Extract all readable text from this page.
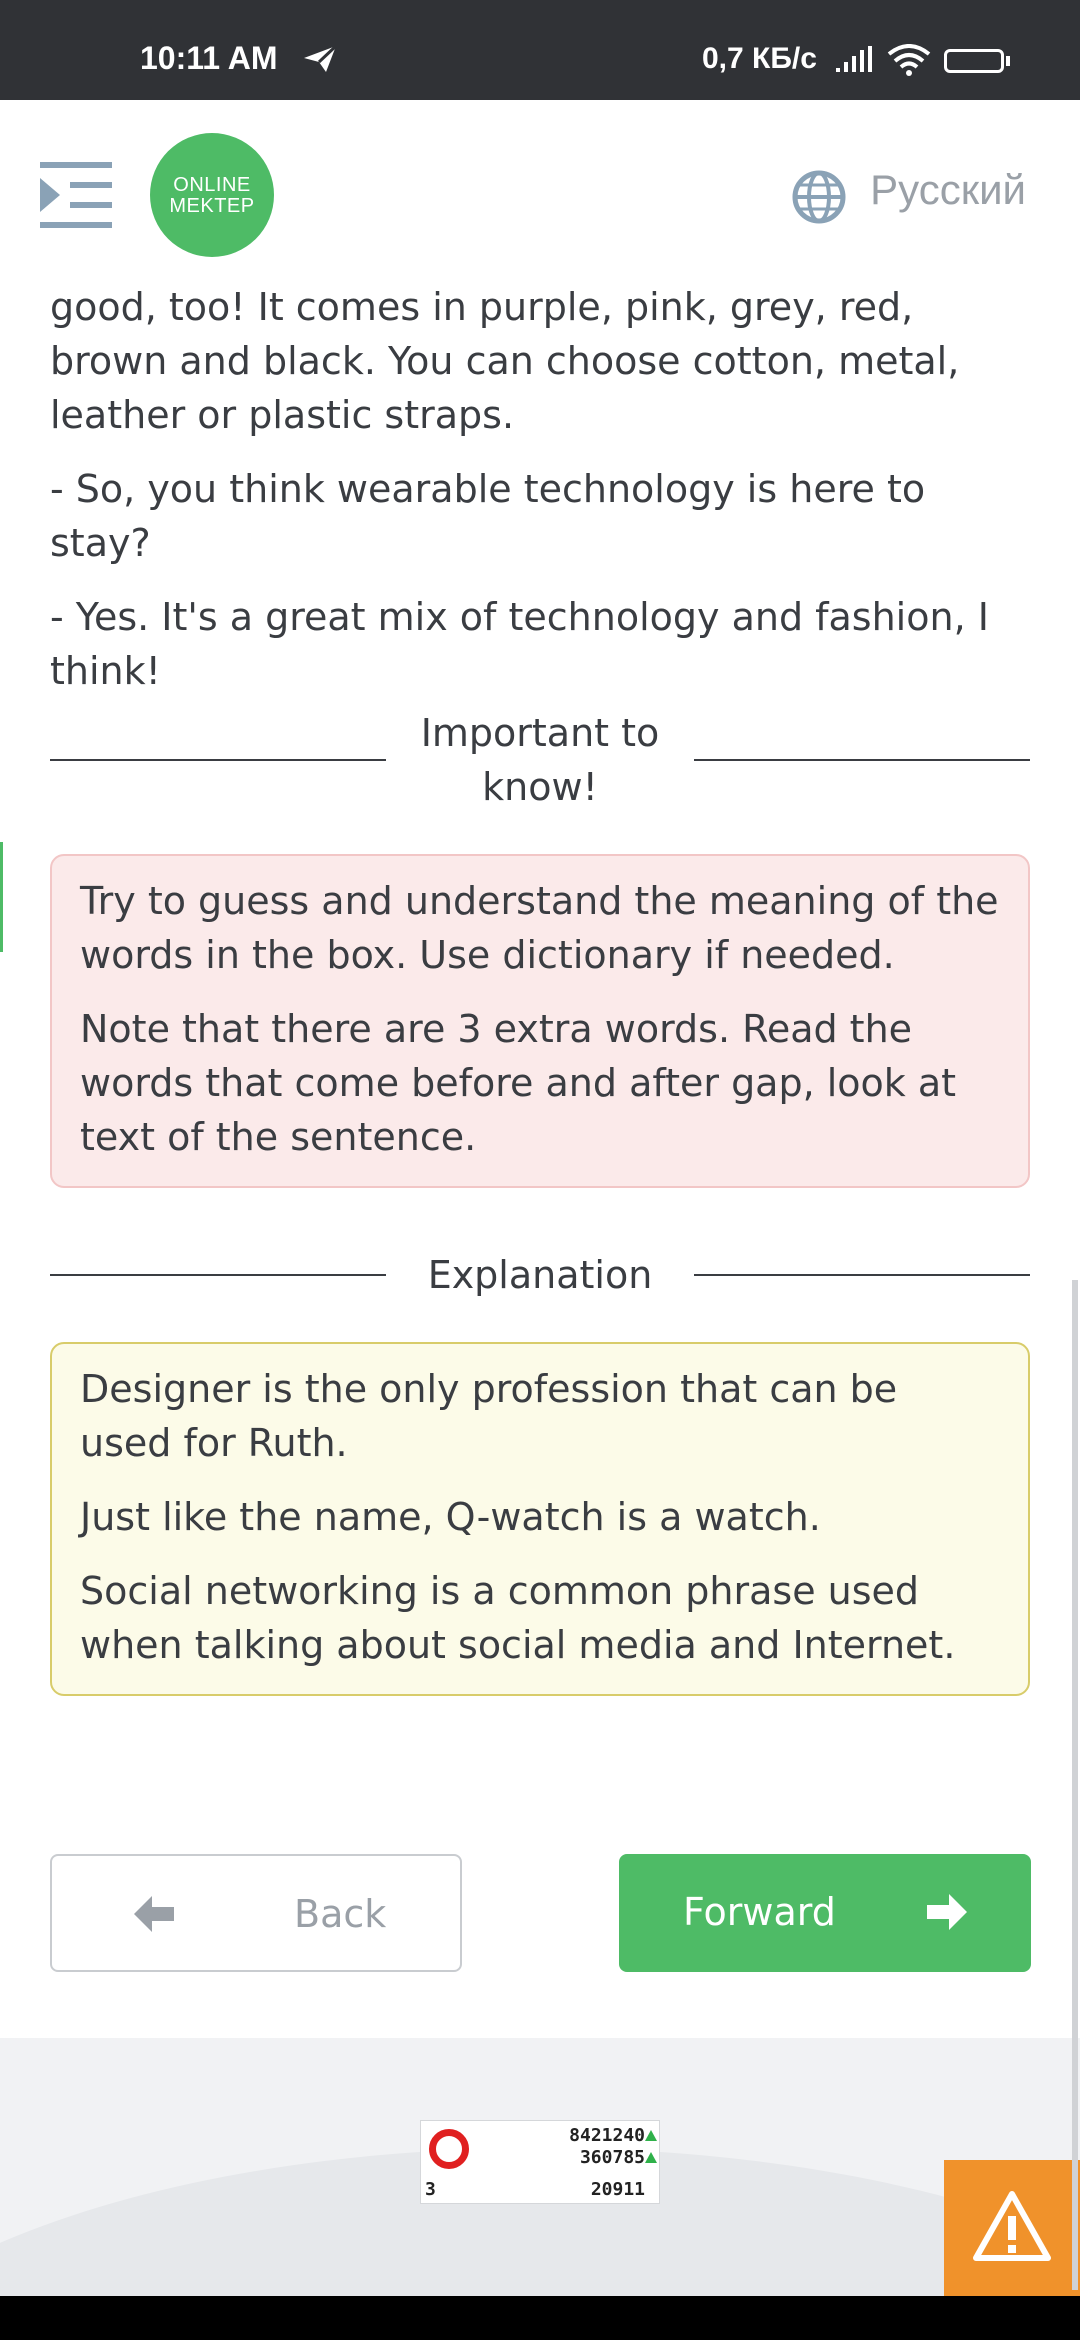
10:11 AM	0,7 КБ/с	88
ONLINE
MEKTEP	Русский

good, too! It comes in purple, pink, grey, red, brown and black. You can choose cotton, metal, leather or plastic straps.

- So, you think wearable technology is here to stay?

- Yes. It's a great mix of technology and fashion, I think!

Important to know!

Try to guess and understand the meaning of the words in the box. Use dictionary if needed.

Note that there are 3 extra words. Read the words that come before and after gap, look at text of the sentence.

Explanation

Designer is the only profession that can be used for Ruth.

Just like the name, Q-watch is a watch.

Social networking is a common phrase used when talking about social media and Internet.

Back	Forward
8421240
360785
20911
3
